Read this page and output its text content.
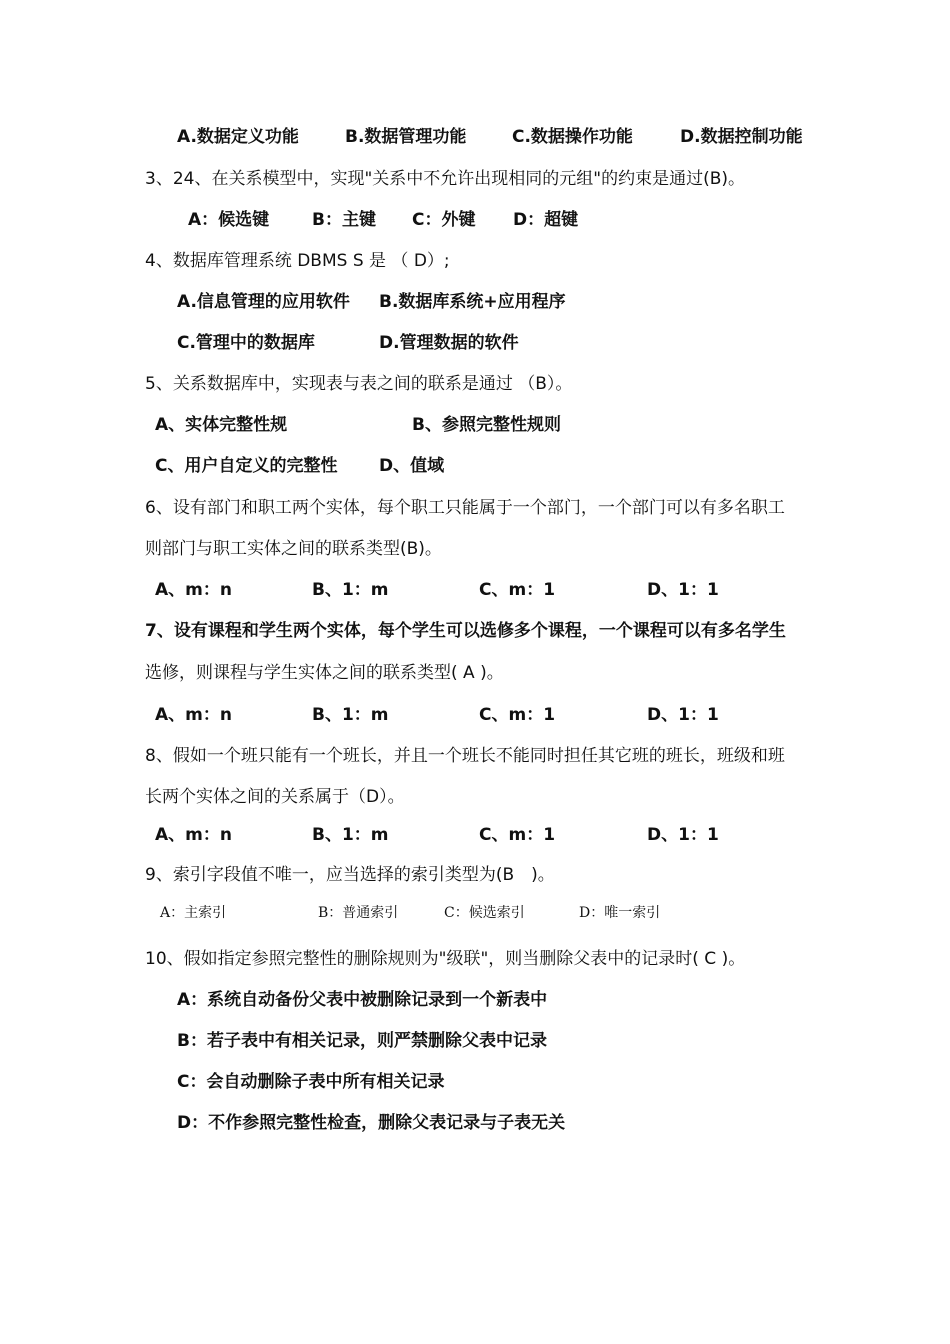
A.数据定义功能	B.数据管理功能	C.数据操作功能	D.数据控制功能
3、24、在关系模型中，实现"关系中不允许出现相同的元组"的约束是通过(B)。
A：候选键	B：主键 C：外键 D：超键
4、数据库管理系统 DBMS S 是 （ D）;
A.信息管理的应用软件 B.数据库系统+应用程序
C.管理中的数据库	D.管理数据的软件
5、关系数据库中，实现表与表之间的联系是通过 （B）。
A、实体完整性规	B、参照完整性规则
C、用户自定义的完整性 D、值域
6、设有部门和职工两个实体，每个职工只能属于一个部门，一个部门可以有多名职工
则部门与职工实体之间的联系类型(B)。
A、m：n	B、1：m	C、m：1	D、1：1
7、设有课程和学生两个实体，每个学生可以选修多个课程，一个课程可以有多名学生
选修，则课程与学生实体之间的联系类型( A )。
A、m：n	B、1：m	C、m：1	D、1：1
8、假如一个班只能有一个班长，并且一个班长不能同时担任其它班的班长，班级和班
长两个实体之间的关系属于（D）。
A、m：n	B、1：m	C、m：1	D、1：1
9、索引字段值不唯一，应当选择的索引类型为(B　)。
A：主索引	B：普通索引	C：候选索引	D：唯一索引
10、假如指定参照完整性的删除规则为"级联"，则当删除父表中的记录时( C )。
A：系统自动备份父表中被删除记录到一个新表中
B：若子表中有相关记录，则严禁删除父表中记录
C：会自动删除子表中所有相关记录
D：不作参照完整性检查，删除父表记录与子表无关
